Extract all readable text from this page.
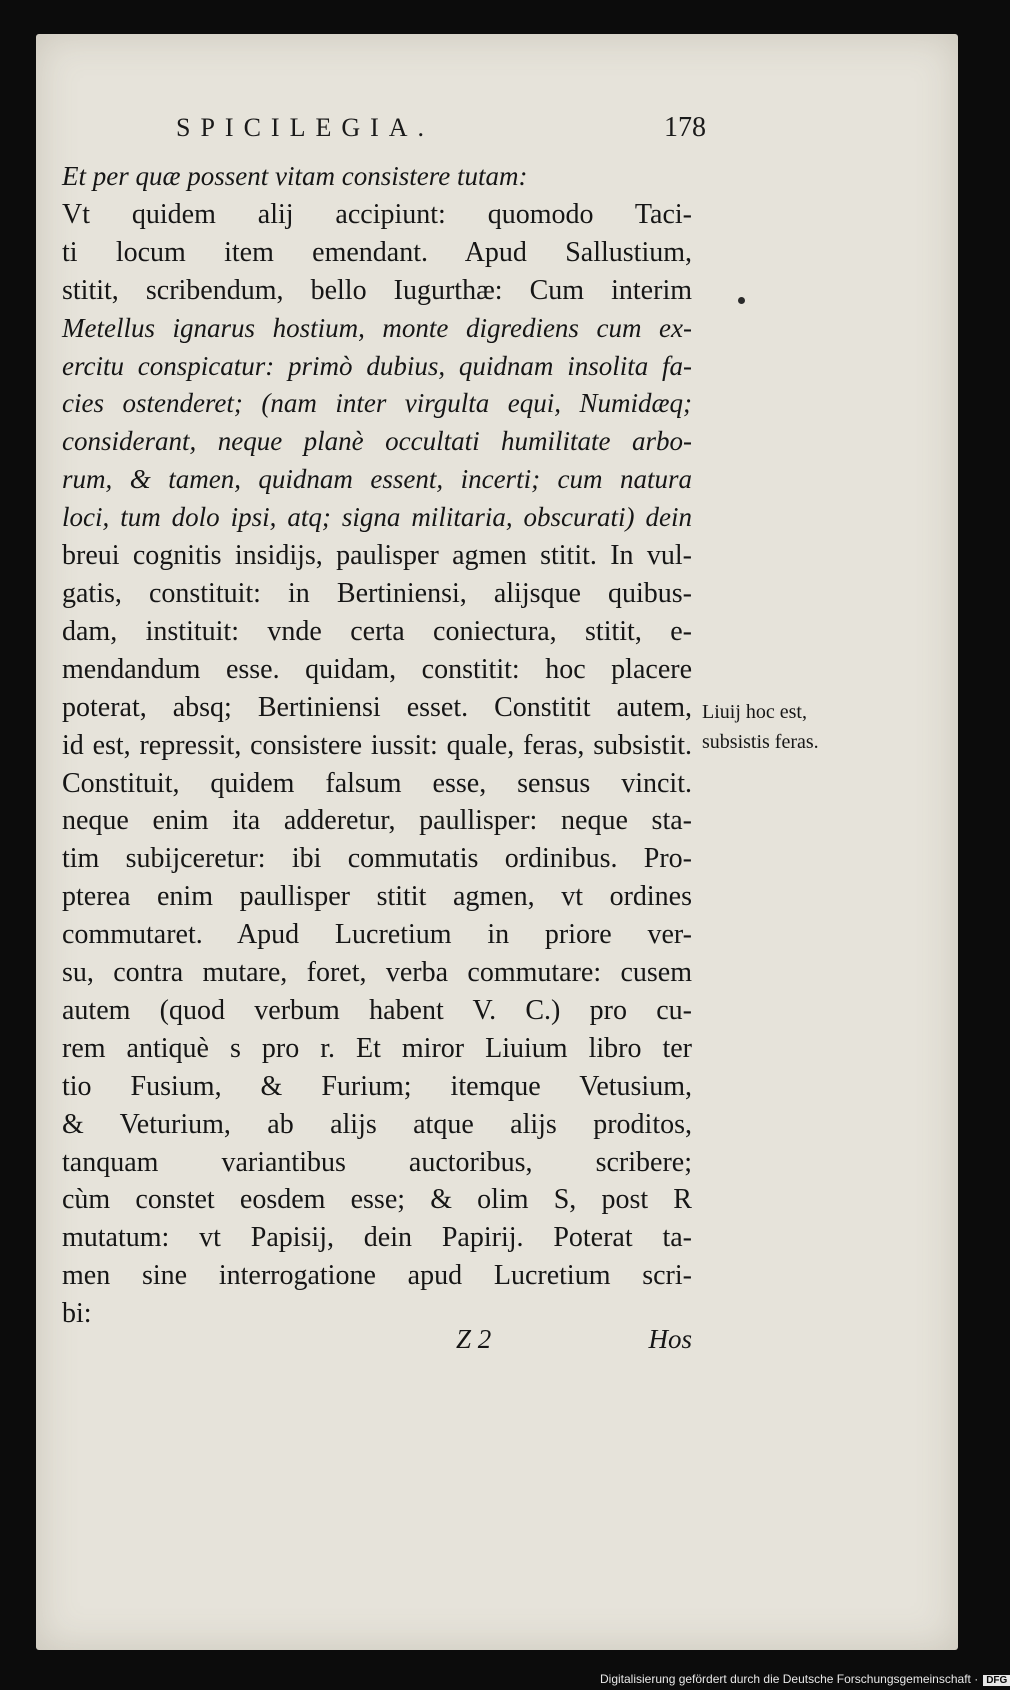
SPICILEGIA.	178
Et per quæ possent vitam consistere tutam:
Vt quidem alij accipiunt: quomodo Taci-
ti locum item emendant. Apud Sallustium,
stitit, scribendum, bello Iugurthæ: Cum interim
Metellus ignarus hostium, monte digrediens cum ex-
ercitu conspicatur: primò dubius, quidnam insolita fa-
cies ostenderet; (nam inter virgulta equi, Numidæq;
considerant, neque planè occultati humilitate arbo-
rum, & tamen, quidnam essent, incerti; cum natura
loci, tum dolo ipsi, atq; signa militaria, obscurati) dein
breui cognitis insidijs, paulisper agmen stitit. In vul-
gatis, constituit: in Bertiniensi, alijsque quibus-
dam, instituit: vnde certa coniectura, stitit, e-
mendandum esse. quidam, constitit: hoc placere
poterat, absq; Bertiniensi esset. Constitit autem,
id est, repressit, consistere iussit: quale, feras, subsistit.
Constituit, quidem falsum esse, sensus vincit.
neque enim ita adderetur, paullisper: neque sta-
tim subijceretur: ibi commutatis ordinibus. Pro-
pterea enim paullisper stitit agmen, vt ordines
commutaret. Apud Lucretium in priore ver-
su, contra mutare, foret, verba commutare: cusem
autem (quod verbum habent V. C.) pro cu-
rem antiquè s pro r. Et miror Liuium libro ter
tio Fusium, & Furium; itemque Vetusium,
& Veturium, ab alijs atque alijs proditos,
tanquam variantibus auctoribus, scribere;
cùm constet eosdem esse; & olim S, post R
mutatum: vt Papisij, dein Papirij. Poterat ta-
men sine interrogatione apud Lucretium scri-
bi:
Liuij hoc est,
subsistis feras.
Z 2	Hos
Digitalisierung gefördert durch die Deutsche Forschungsgemeinschaft · DFG
